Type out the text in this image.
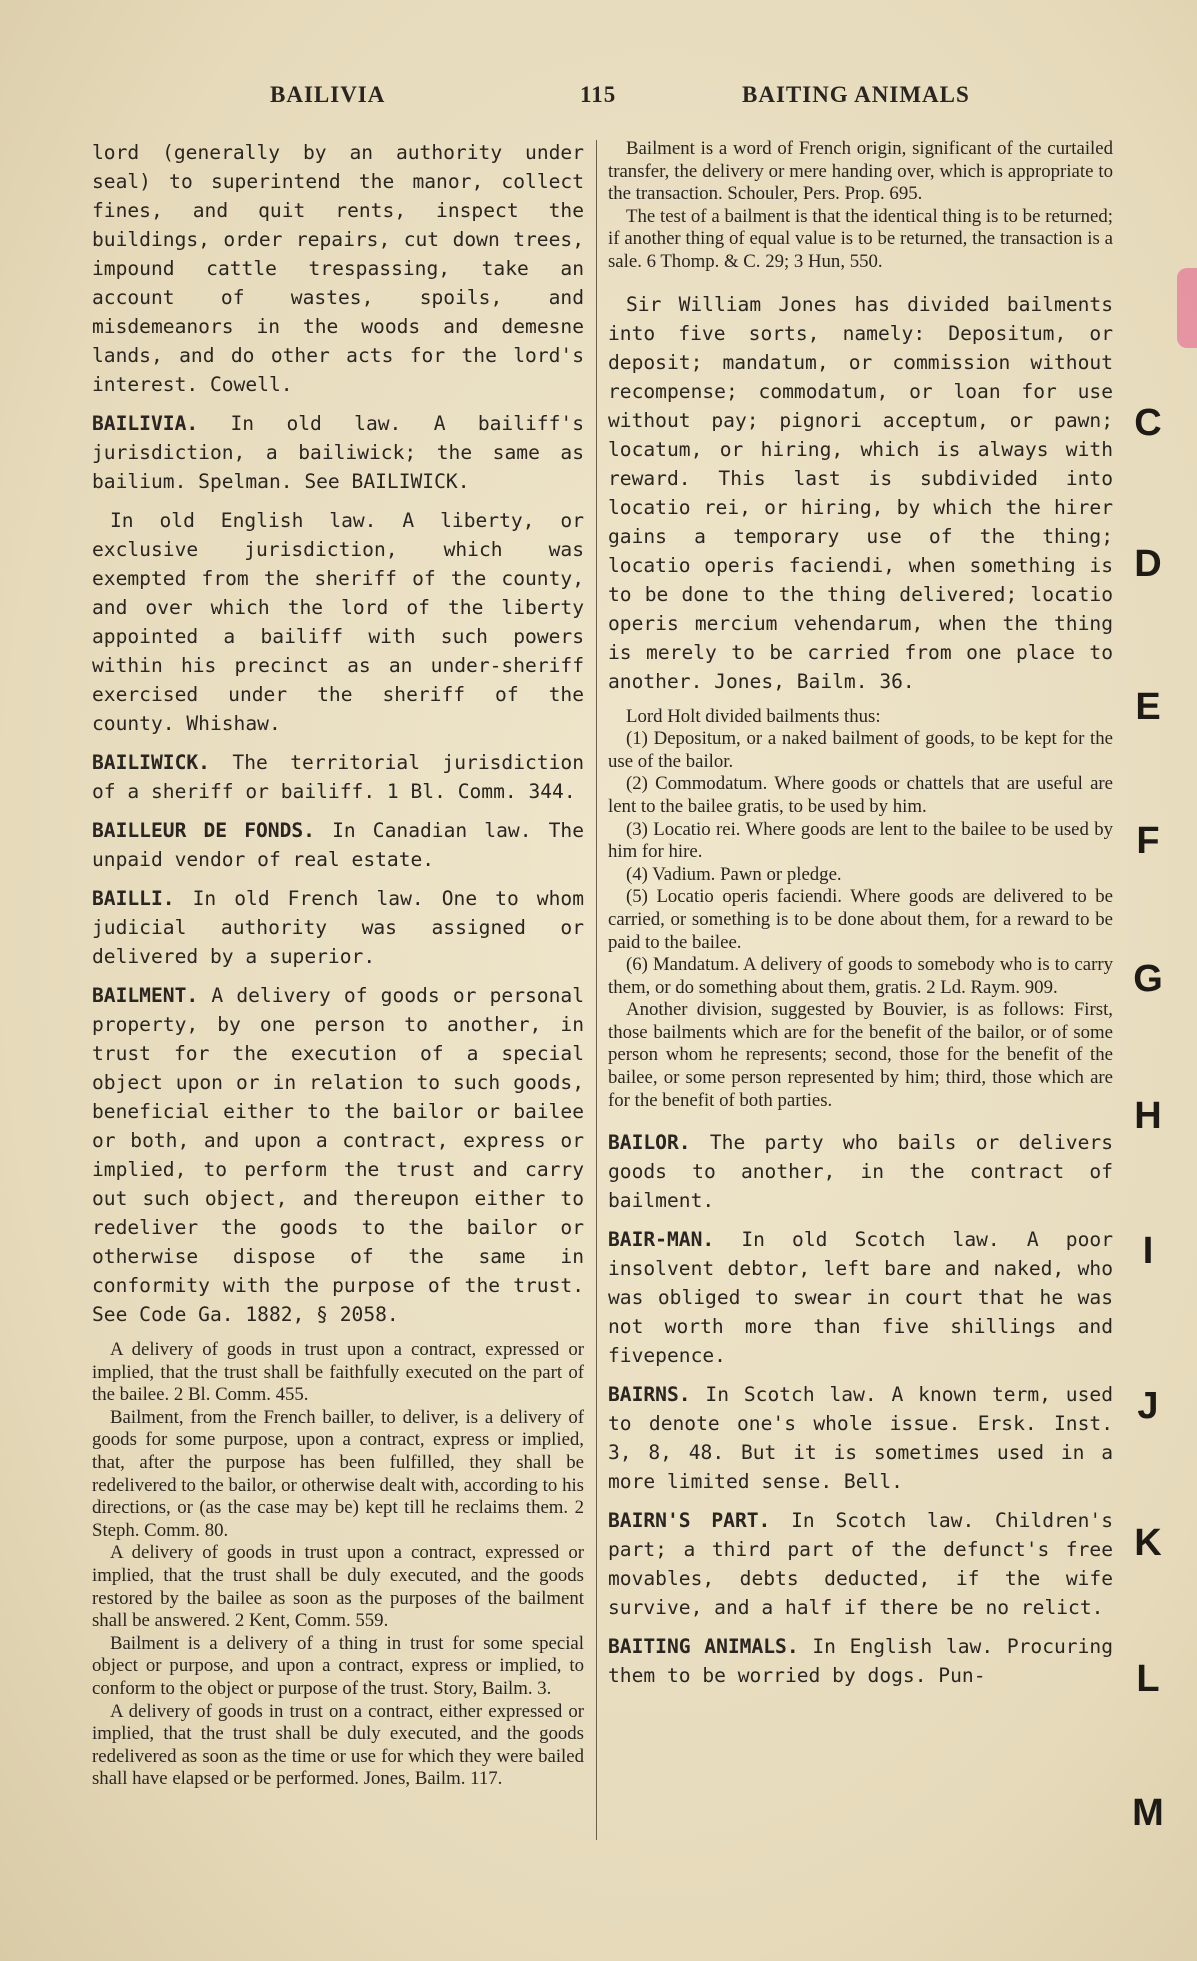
BAILIVIA	115	BAITING ANIMALS

lord (generally by an authority under seal) to superintend the manor, collect fines, and quit rents, inspect the buildings, order repairs, cut down trees, impound cattle trespassing, take an account of wastes, spoils, and misdemeanors in the woods and demesne lands, and do other acts for the lord's interest. Cowell.

BAILIVIA. In old law. A bailiff's jurisdiction, a bailiwick; the same as bailium. Spelman. See BAILIWICK.

In old English law. A liberty, or exclusive jurisdiction, which was exempted from the sheriff of the county, and over which the lord of the liberty appointed a bailiff with such powers within his precinct as an under-sheriff exercised under the sheriff of the county. Whishaw.

BAILIWICK. The territorial jurisdiction of a sheriff or bailiff. 1 Bl. Comm. 344.

BAILLEUR DE FONDS. In Canadian law. The unpaid vendor of real estate.

BAILLI. In old French law. One to whom judicial authority was assigned or delivered by a superior.

BAILMENT. A delivery of goods or personal property, by one person to another, in trust for the execution of a special object upon or in relation to such goods, beneficial either to the bailor or bailee or both, and upon a contract, express or implied, to perform the trust and carry out such object, and thereupon either to redeliver the goods to the bailor or otherwise dispose of the same in conformity with the purpose of the trust. See Code Ga. 1882, § 2058.

A delivery of goods in trust upon a contract, expressed or implied, that the trust shall be faithfully executed on the part of the bailee. 2 Bl. Comm. 455.

Bailment, from the French bailler, to deliver, is a delivery of goods for some purpose, upon a contract, express or implied, that, after the purpose has been fulfilled, they shall be redelivered to the bailor, or otherwise dealt with, according to his directions, or (as the case may be) kept till he reclaims them. 2 Steph. Comm. 80.

A delivery of goods in trust upon a contract, expressed or implied, that the trust shall be duly executed, and the goods restored by the bailee as soon as the purposes of the bailment shall be answered. 2 Kent, Comm. 559.

Bailment is a delivery of a thing in trust for some special object or purpose, and upon a contract, express or implied, to conform to the object or purpose of the trust. Story, Bailm. 3.

A delivery of goods in trust on a contract, either expressed or implied, that the trust shall be duly executed, and the goods redelivered as soon as the time or use for which they were bailed shall have elapsed or be performed. Jones, Bailm. 117.

Bailment is a word of French origin, significant of the curtailed transfer, the delivery or mere handing over, which is appropriate to the transaction. Schouler, Pers. Prop. 695.

The test of a bailment is that the identical thing is to be returned; if another thing of equal value is to be returned, the transaction is a sale. 6 Thomp. & C. 29; 3 Hun, 550.

Sir William Jones has divided bailments into five sorts, namely: Depositum, or deposit; mandatum, or commission without recompense; commodatum, or loan for use without pay; pignori acceptum, or pawn; locatum, or hiring, which is always with reward. This last is subdivided into locatio rei, or hiring, by which the hirer gains a temporary use of the thing; locatio operis faciendi, when something is to be done to the thing delivered; locatio operis mercium vehendarum, when the thing is merely to be carried from one place to another. Jones, Bailm. 36.

Lord Holt divided bailments thus:

(1) Depositum, or a naked bailment of goods, to be kept for the use of the bailor.

(2) Commodatum. Where goods or chattels that are useful are lent to the bailee gratis, to be used by him.

(3) Locatio rei. Where goods are lent to the bailee to be used by him for hire.

(4) Vadium. Pawn or pledge.

(5) Locatio operis faciendi. Where goods are delivered to be carried, or something is to be done about them, for a reward to be paid to the bailee.

(6) Mandatum. A delivery of goods to somebody who is to carry them, or do something about them, gratis. 2 Ld. Raym. 909.

Another division, suggested by Bouvier, is as follows: First, those bailments which are for the benefit of the bailor, or of some person whom he represents; second, those for the benefit of the bailee, or some person represented by him; third, those which are for the benefit of both parties.

BAILOR. The party who bails or delivers goods to another, in the contract of bailment.

BAIR-MAN. In old Scotch law. A poor insolvent debtor, left bare and naked, who was obliged to swear in court that he was not worth more than five shillings and fivepence.

BAIRNS. In Scotch law. A known term, used to denote one's whole issue. Ersk. Inst. 3, 8, 48. But it is sometimes used in a more limited sense. Bell.

BAIRN'S PART. In Scotch law. Children's part; a third part of the defunct's free movables, debts deducted, if the wife survive, and a half if there be no relict.

BAITING ANIMALS. In English law. Procuring them to be worried by dogs. Pun-

C
D
E
F
G
H
I
J
K
L
M
